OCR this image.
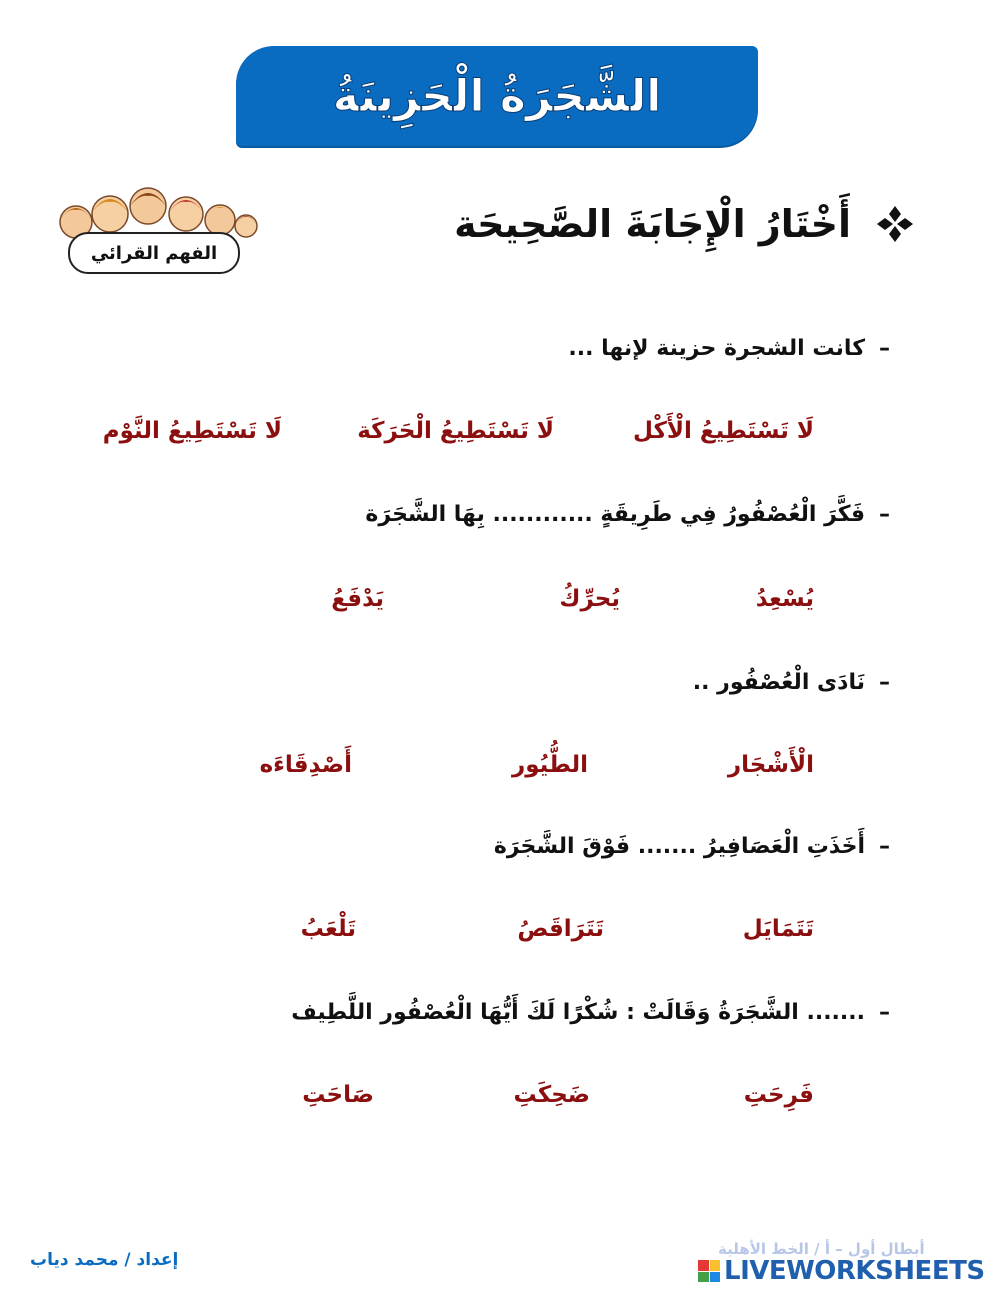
الشَّجَرَةُ الْحَزِينَةُ
الفهم القرائي
أَخْتَارُ الْإِجَابَةَ الصَّحِيحَة
–
كانت الشجرة حزينة لإنها ...
لَا تَسْتَطِيعُ الْأَكْل
لَا تَسْتَطِيعُ الْحَرَكَة
لَا تَسْتَطِيعُ النَّوْم
–
فَكَّرَ الْعُصْفُورُ فِي طَرِيقَةٍ ............ بِهَا الشَّجَرَة
يُسْعِدُ
يُحرِّكُ
يَدْفَعُ
–
نَادَى الْعُصْفُور ..
الْأَشْجَار
الطُّيُور
أَصْدِقَاءَه
–
أَخَذَتِ الْعَصَافِيرُ ....... فَوْقَ الشَّجَرَة
تَتَمَايَل
تَتَرَاقَصُ
تَلْعَبُ
–
....... الشَّجَرَةُ وَقَالَتْ : شُكْرًا لَكَ أَيُّهَا الْعُصْفُور اللَّطِيف
فَرِحَتِ
ضَحِكَتِ
صَاحَتِ
إعداد / محمد دياب
أبطال أول – أ / الخط الأهلية
LIVEWORKSHEETS
